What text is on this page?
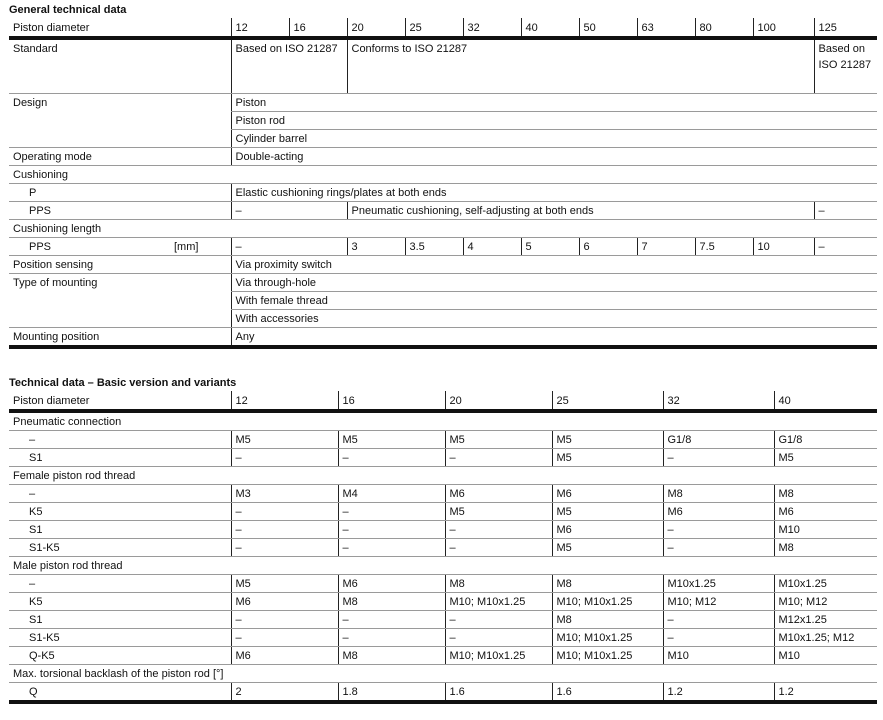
General technical data
Piston diameter		12	16	20	25	32	40	50	63	80	100	125
Standard		Based on ISO 21287		Conforms to ISO 21287								Based on ISO 21287
Design		Piston										
		Piston rod										
		Cylinder barrel										
Operating mode		Double-acting										
Cushioning												
P		Elastic cushioning rings/plates at both ends										
PPS		–		Pneumatic cushioning, self-adjusting at both ends								–
Cushioning length												
PPS	[mm]	–		3	3.5	4	5	6	7	7.5	10	–
Position sensing		Via proximity switch										
Type of mounting		Via through-hole										
		With female thread										
		With accessories										
Mounting position		Any										
Technical data – Basic version and variants
Piston diameter	12	16	20	25	32	40
Pneumatic connection						
–	M5	M5	M5	M5	G1/8	G1/8
S1	–	–	–	M5	–	M5
Female piston rod thread						
–	M3	M4	M6	M6	M8	M8
K5	–	–	M5	M5	M6	M6
S1	–	–	–	M6	–	M10
S1-K5	–	–	–	M5	–	M8
Male piston rod thread						
–	M5	M6	M8	M8	M10x1.25	M10x1.25
K5	M6	M8	M10; M10x1.25	M10; M10x1.25	M10; M12	M10; M12
S1	–	–	–	M8	–	M12x1.25
S1-K5	–	–	–	M10; M10x1.25	–	M10x1.25; M12
Q-K5	M6	M8	M10; M10x1.25	M10; M10x1.25	M10	M10
Max. torsional backlash of the piston rod [°]						
Q	2	1.8	1.6	1.6	1.2	1.2
